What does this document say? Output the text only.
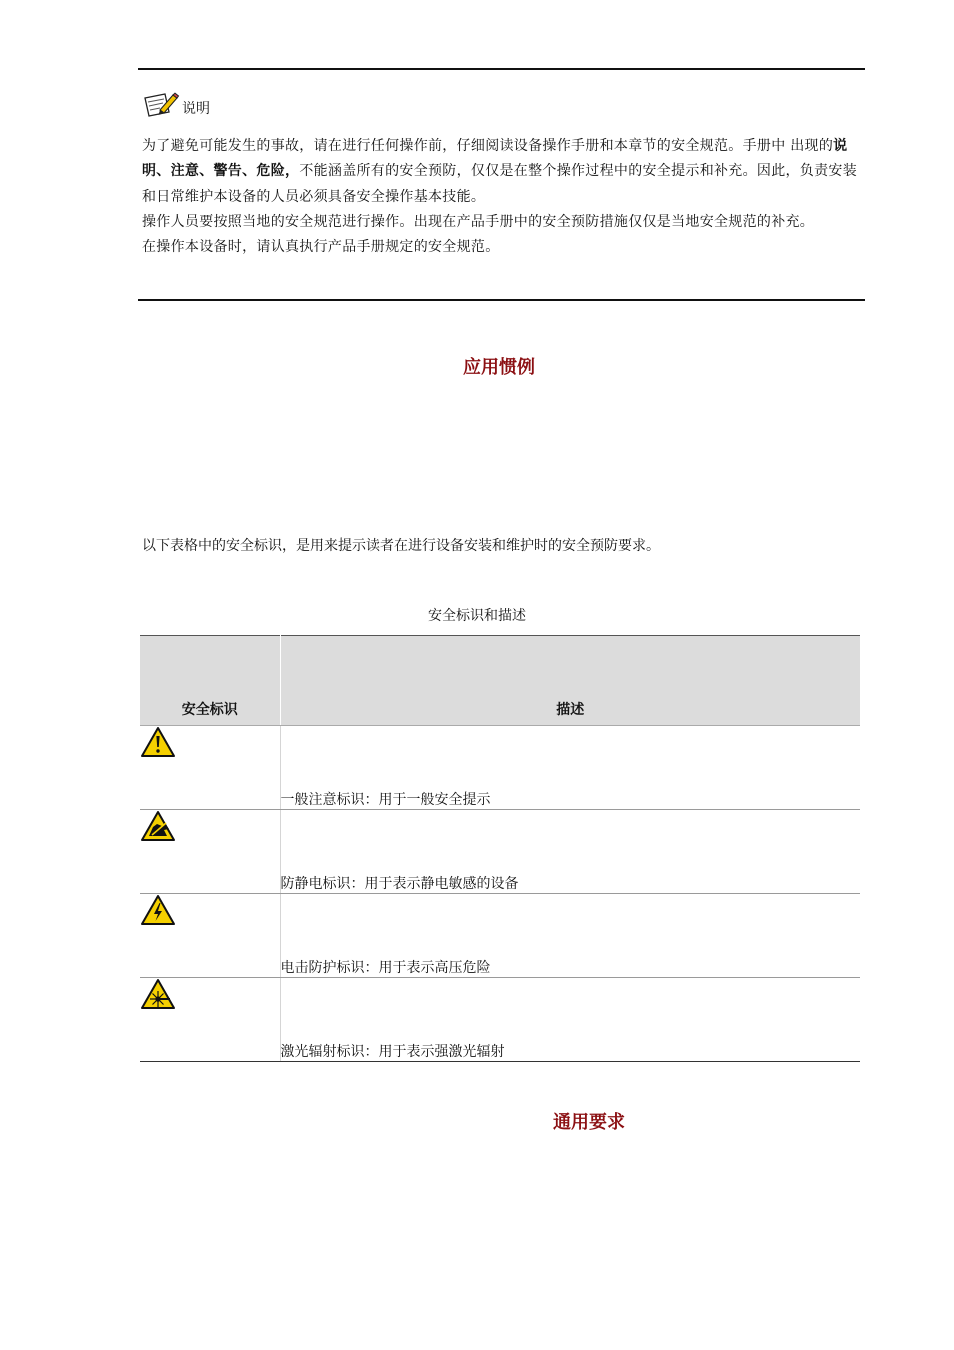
说明

为了避免可能发生的事故，请在进行任何操作前，仔细阅读设备操作手册和本章节的安全规范。手册中 出现的说明、注意、警告、危险，不能涵盖所有的安全预防，仅仅是在整个操作过程中的安全提示和补充。因此，负责安装和日常维护本设备的人员必须具备安全操作基本技能。

操作人员要按照当地的安全规范进行操作。出现在产品手册中的安全预防措施仅仅是当地安全规范的补充。

在操作本设备时，请认真执行产品手册规定的安全规范。

应用惯例
以下表格中的安全标识，是用来提示读者在进行设备安装和维护时的安全预防要求。
安全标识和描述
安全标识	描述

	一般注意标识：用于一般安全提示

	防静电标识：用于表示静电敏感的设备

	电击防护标识：用于表示高压危险

	激光辐射标识：用于表示强激光辐射
通用要求
